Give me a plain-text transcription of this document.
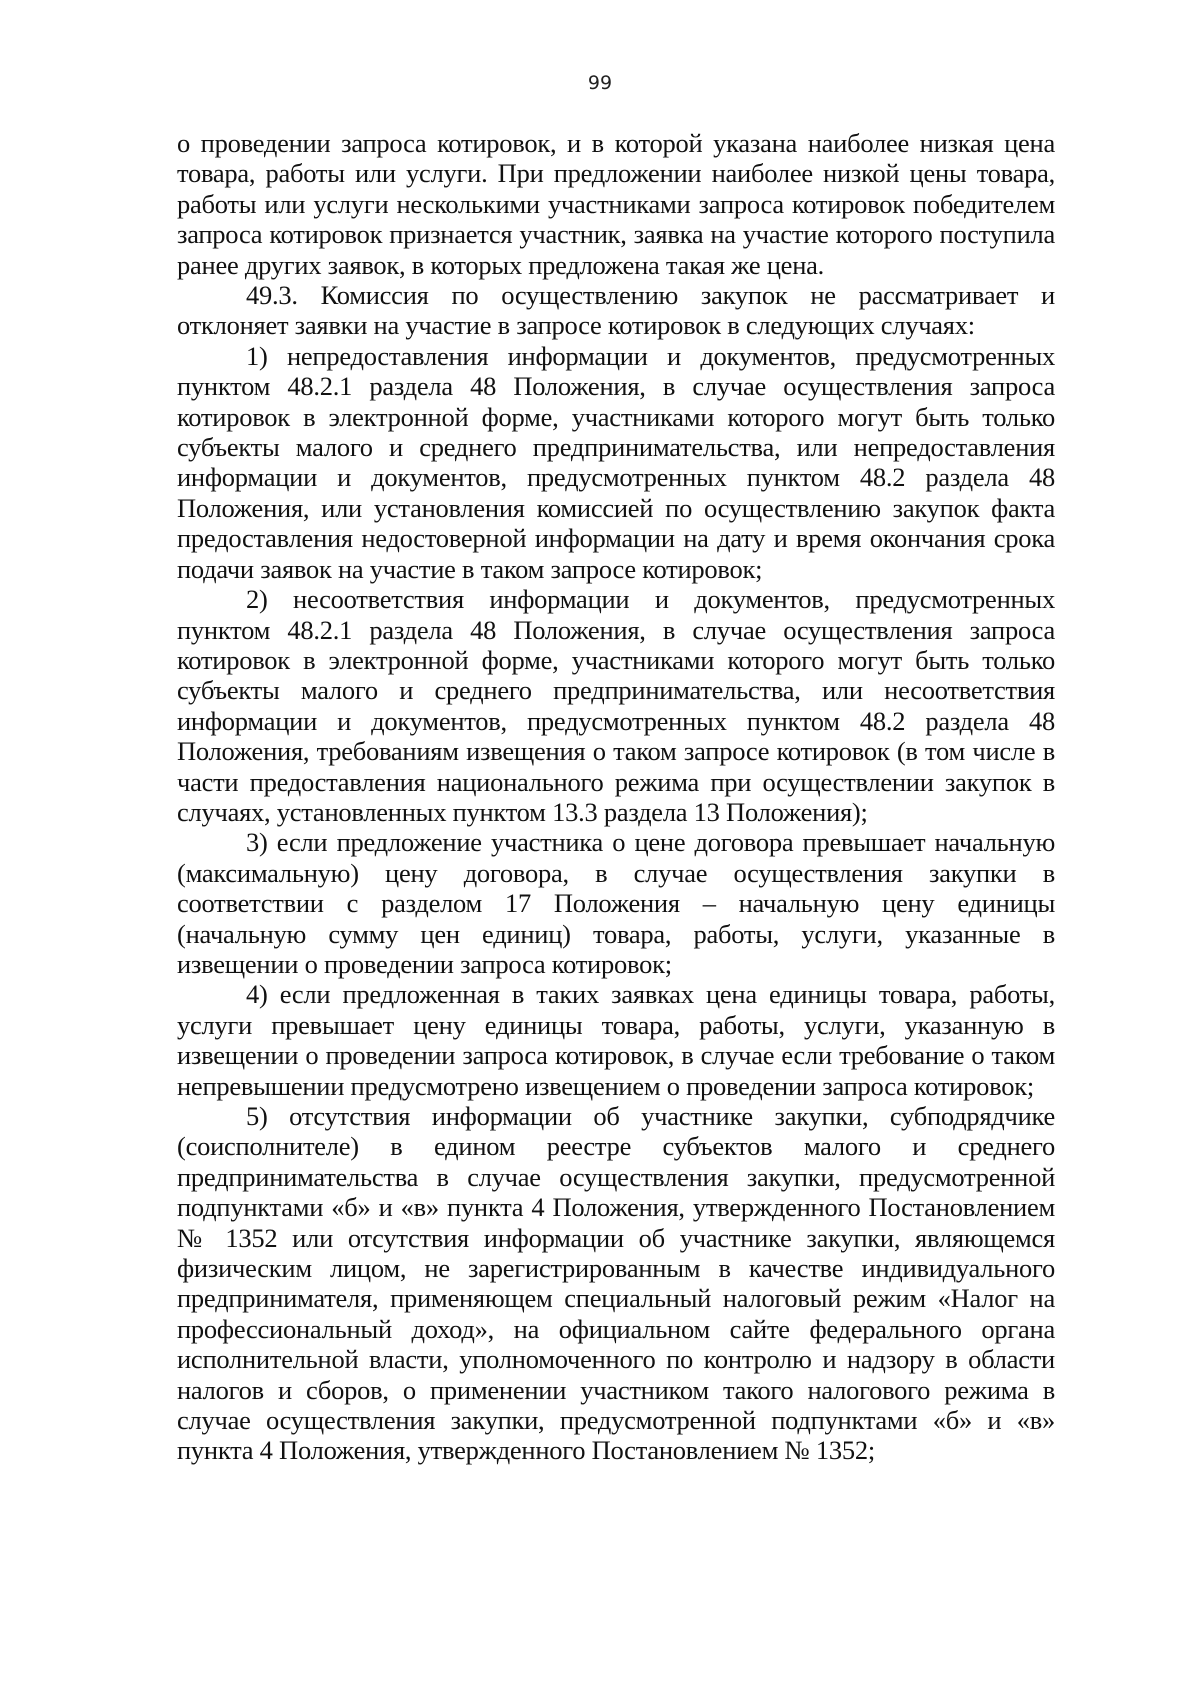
99

о проведении запроса котировок, и в которой указана наиболее низкая цена товара, работы или услуги. При предложении наиболее низкой цены товара, работы или услуги несколькими участниками запроса котировок победителем запроса котировок признается участник, заявка на участие которого поступила ранее других заявок, в которых предложена такая же цена.

49.3. Комиссия по осуществлению закупок не рассматривает и отклоняет заявки на участие в запросе котировок в следующих случаях:

1) непредоставления информации и документов, предусмотренных пунктом 48.2.1 раздела 48 Положения, в случае осуществления запроса котировок в электронной форме, участниками которого могут быть только субъекты малого и среднего предпринимательства, или непредоставления информации и документов, предусмотренных пунктом 48.2 раздела 48 Положения, или установления комиссией по осуществлению закупок факта предоставления недостоверной информации на дату и время окончания срока подачи заявок на участие в таком запросе котировок;

2) несоответствия информации и документов, предусмотренных пунктом 48.2.1 раздела 48 Положения, в случае осуществления запроса котировок в электронной форме, участниками которого могут быть только субъекты малого и среднего предпринимательства, или несоответствия информации и документов, предусмотренных пунктом 48.2 раздела 48 Положения, требованиям извещения о таком запросе котировок (в том числе в части предоставления национального режима при осуществлении закупок в случаях, установленных пунктом 13.3 раздела 13 Положения);

3) если предложение участника о цене договора превышает начальную (максимальную) цену договора, в случае осуществления закупки в соответствии с разделом 17 Положения – начальную цену единицы (начальную сумму цен единиц) товара, работы, услуги, указанные в извещении о проведении запроса котировок;

4) если предложенная в таких заявках цена единицы товара, работы, услуги превышает цену единицы товара, работы, услуги, указанную в извещении о проведении запроса котировок, в случае если требование о таком непревышении предусмотрено извещением о проведении запроса котировок;

5) отсутствия информации об участнике закупки, субподрядчике (соисполнителе) в едином реестре субъектов малого и среднего предпринимательства в случае осуществления закупки, предусмотренной подпунктами «б» и «в» пункта 4 Положения, утвержденного Постановлением № 1352 или отсутствия информации об участнике закупки, являющемся физическим лицом, не зарегистрированным в качестве индивидуального предпринимателя, применяющем специальный налоговый режим «Налог на профессиональный доход», на официальном сайте федерального органа исполнительной власти, уполномоченного по контролю и надзору в области налогов и сборов, о применении участником такого налогового режима в случае осуществления закупки, предусмотренной подпунктами «б» и «в» пункта 4 Положения, утвержденного Постановлением № 1352;
